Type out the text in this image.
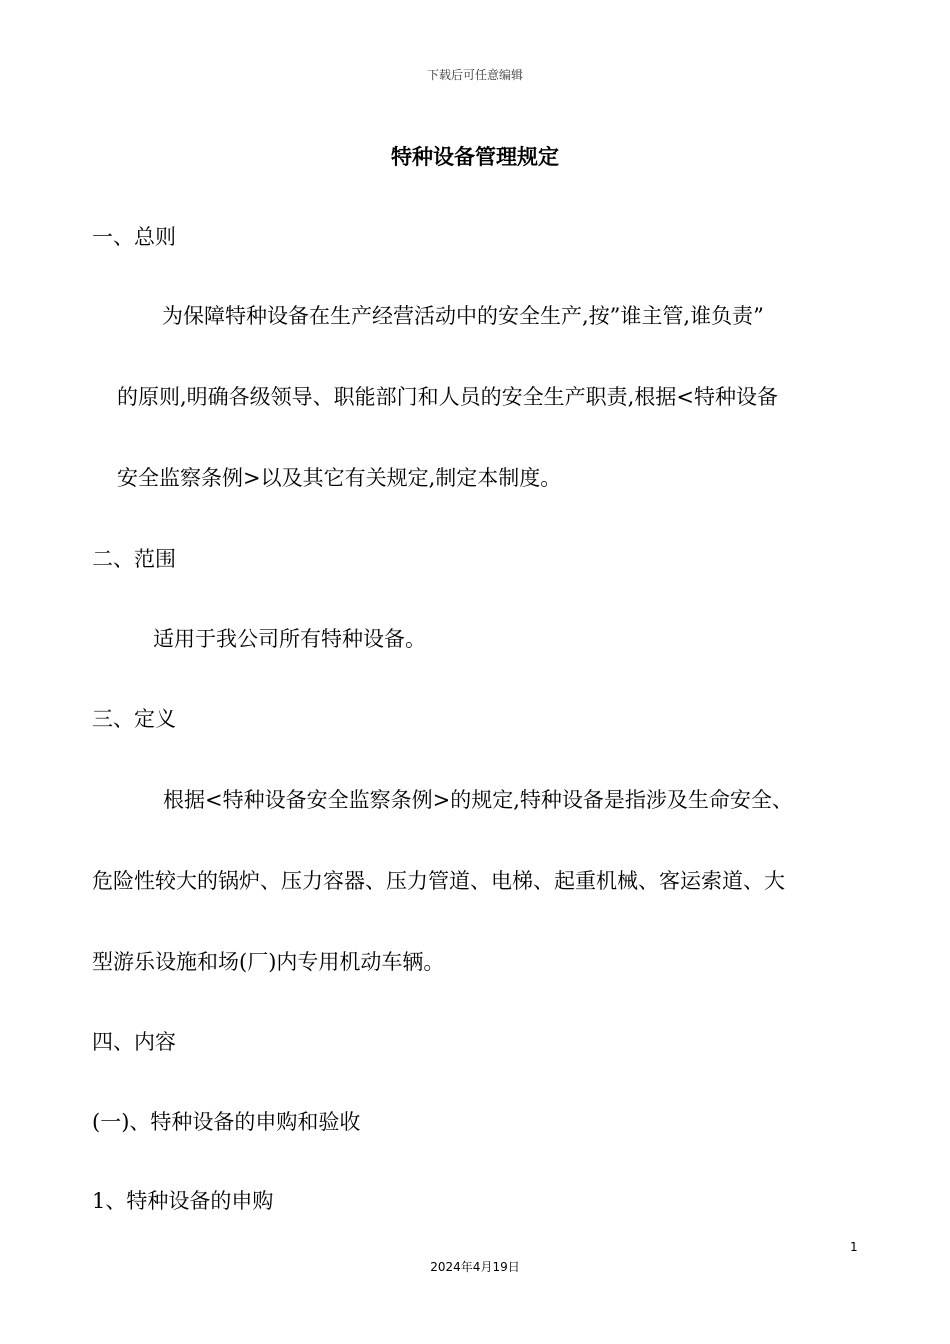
下载后可任意编辑
特种设备管理规定
一、总则
为保障特种设备在生产经营活动中的安全生产,按”谁主管,谁负责”
的原则,明确各级领导、职能部门和人员的安全生产职责,根据<特种设备
安全监察条例>以及其它有关规定,制定本制度。
二、范围
适用于我公司所有特种设备。
三、定义
根据<特种设备安全监察条例>的规定,特种设备是指涉及生命安全、
危险性较大的锅炉、压力容器、压力管道、电梯、起重机械、客运索道、大
型游乐设施和场(厂)内专用机动车辆。
四、内容
(一)、特种设备的申购和验收
1、特种设备的申购
1
2024年4月19日
